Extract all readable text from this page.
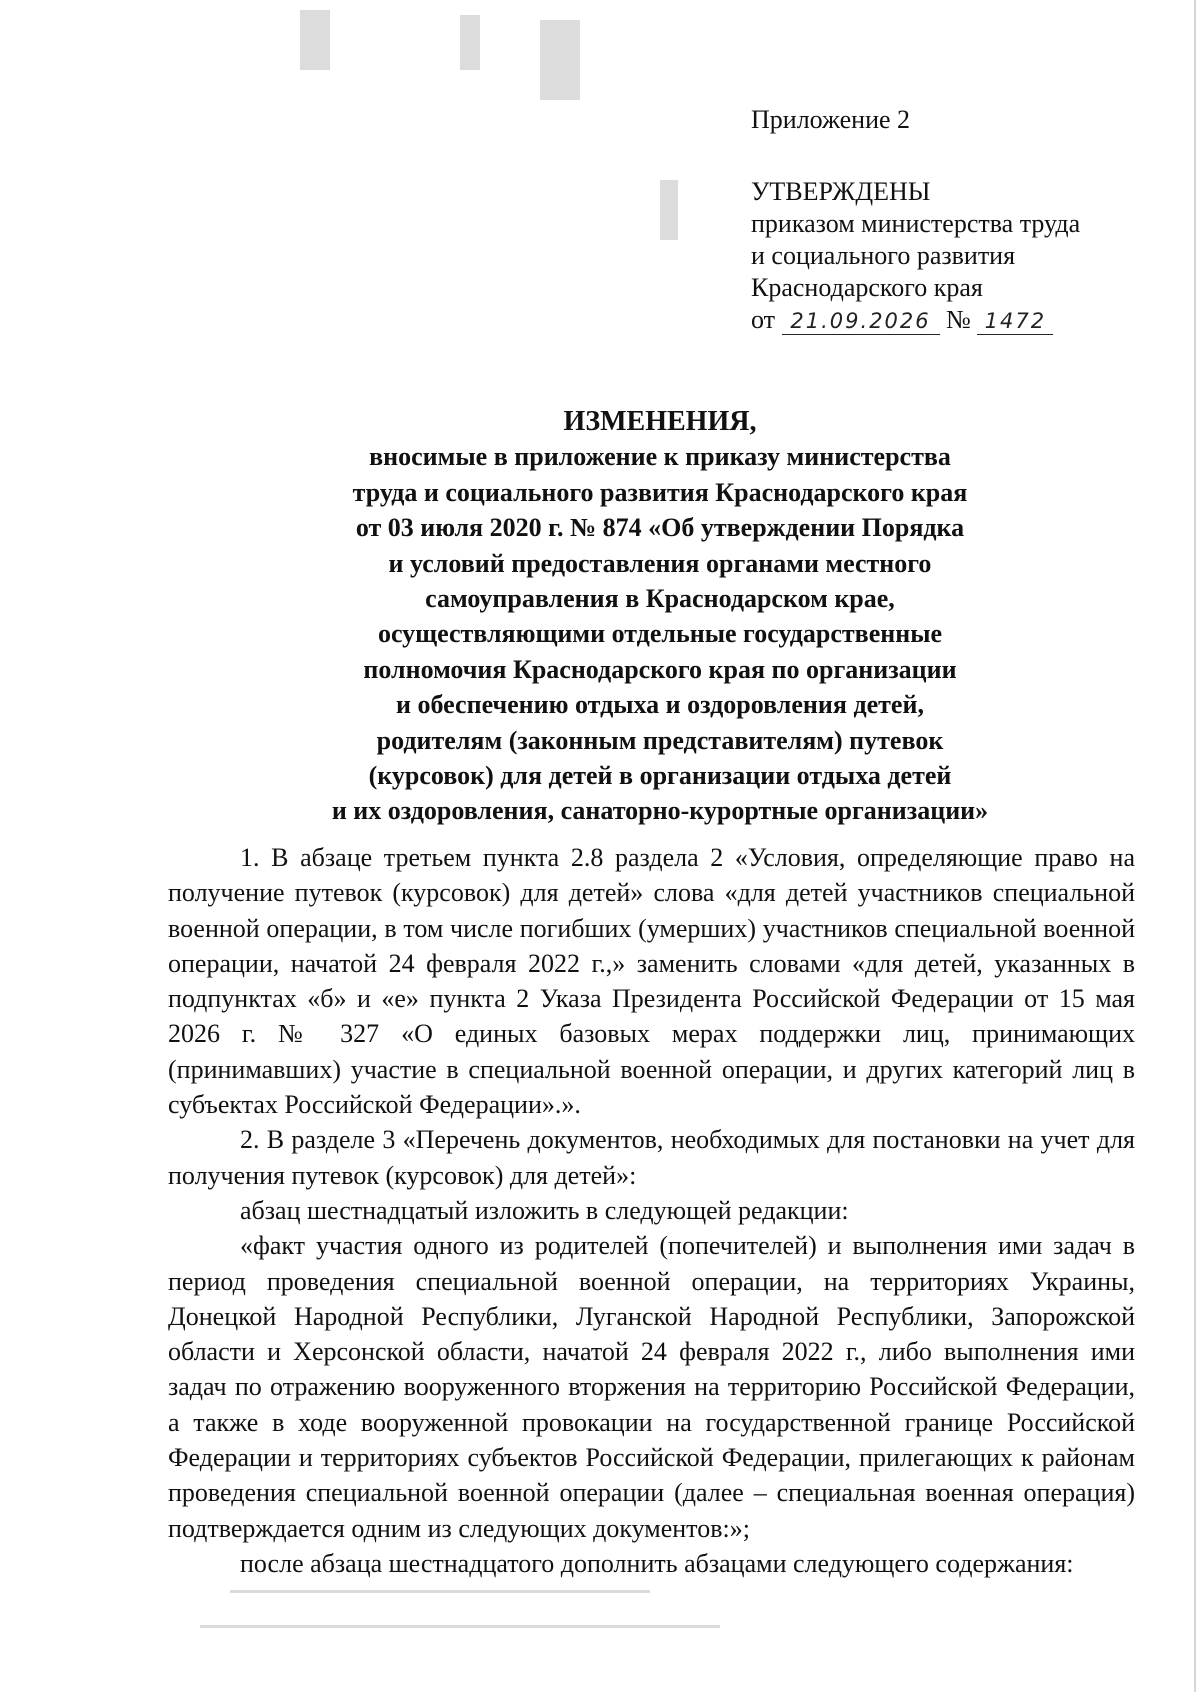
Приложение 2
УТВЕРЖДЕНЫ
приказом министерства труда
и социального развития
Краснодарского края
от 21.09.2026 № 1472
ИЗМЕНЕНИЯ,
вносимые в приложение к приказу министерства
труда и социального развития Краснодарского края
от 03 июля 2020 г. № 874 «Об утверждении Порядка
и условий предоставления органами местного
самоуправления в Краснодарском крае,
осуществляющими отдельные государственные
полномочия Краснодарского края по организации
и обеспечению отдыха и оздоровления детей,
родителям (законным представителям) путевок
(курсовок) для детей в организации отдыха детей
и их оздоровления, санаторно-курортные организации»

1. В абзаце третьем пункта 2.8 раздела 2 «Условия, определяющие право на получение путевок (курсовок) для детей» слова «для детей участников специальной военной операции, в том числе погибших (умерших) участников специальной военной операции, начатой 24 февраля 2022 г.,» заменить словами «для детей, указанных в подпунктах «б» и «е» пункта 2 Указа Президента Российской Федерации от 15 мая 2026 г. № 327 «О единых базовых мерах поддержки лиц, принимающих (принимавших) участие в специальной военной операции, и других категорий лиц в субъектах Российской Федерации».».

2. В разделе 3 «Перечень документов, необходимых для постановки на учет для получения путевок (курсовок) для детей»:

абзац шестнадцатый изложить в следующей редакции:

«факт участия одного из родителей (попечителей) и выполнения ими задач в период проведения специальной военной операции, на территориях Украины, Донецкой Народной Республики, Луганской Народной Республики, Запорожской области и Херсонской области, начатой 24 февраля 2022 г., либо выполнения ими задач по отражению вооруженного вторжения на территорию Российской Федерации, а также в ходе вооруженной провокации на государственной границе Российской Федерации и территориях субъектов Российской Федерации, прилегающих к районам проведения специальной военной операции (далее – специальная военная операция) подтверждается одним из следующих документов:»;

после абзаца шестнадцатого дополнить абзацами следующего содержания:
